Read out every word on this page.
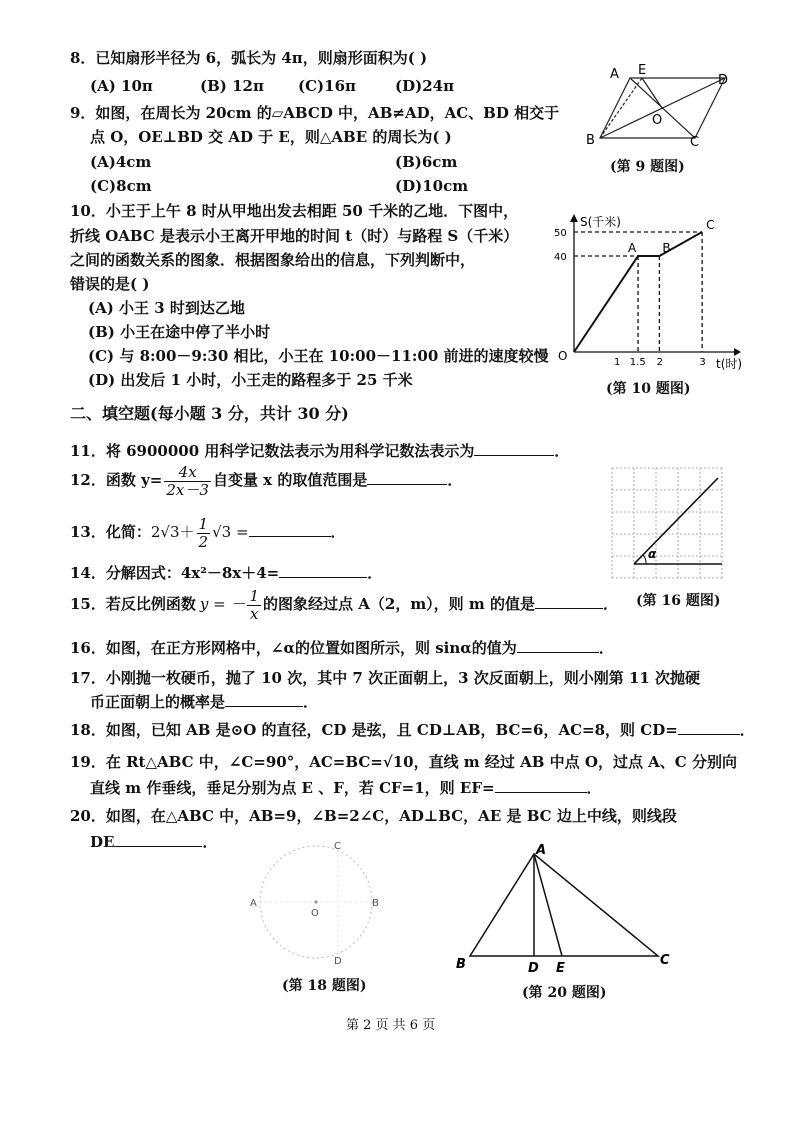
8．已知扇形半径为 6，弧长为 4π，则扇形面积为( )
(A) 10π	(B) 12π (C)16π	(D)24π
9．如图，在周长为 20cm 的▱ABCD 中，AB≠AD，AC、BD 相交于
点 O，OE⊥BD 交 AD 于 E，则△ABE 的周长为( )
(A)4cm	(B)6cm
(C)8cm	(D)10cm
A E
D
O
B	C
(第 9 题图)
10．小王于上午 8 时从甲地出发去相距 50 千米的乙地．下图中，
折线 OABC 是表示小王离开甲地的时间 t（时）与路程 S（千米）
之间的函数关系的图象．根据图象给出的信息，下列判断中，
错误的是( )
(A) 小王 3 时到达乙地
(B) 小王在途中停了半小时
(C) 与 8:00－9:30 相比，小王在 10:00－11:00 前进的速度较慢
(D) 出发后 1 小时，小王走的路程多于 25 千米
40
50
1 1.5 2	3
O
A B
C
S(千米)
t(时)
(第 10 题图)
二、填空题(每小题 3 分，共计 30 分)
11．将 6900000 用科学记数法表示为用科学记数法表示为	．
12．函数 $y= \frac{4x}{2x-3}$ 自变量 x 的取值范围是	．
13．化简：$2√3+ \frac{1}{2} √3$ =	．
14．分解因式：4x²－8x＋4=	．
15．若反比例函数 y = － $\frac{1}{x}$ 的图象经过点 A（2，m），则 m 的值是	．
α
(第 16 题图)
16．如图，在正方形网格中，∠α的位置如图所示，则 sinα的值为	．
17．小刚抛一枚硬币，抛了 10 次，其中 7 次正面朝上，3 次反面朝上，则小刚第 11 次抛硬
币正面朝上的概率是	．
18．如图，已知 AB 是⊙O 的直径，CD 是弦，且 CD⊥AB，BC=6，AC=8，则 CD=	．
19．在 Rt△ABC 中，∠C=90°，AC=BC=√10，直线 m 经过 AB 中点 O，过点 A、C 分别向
直线 m 作垂线，垂足分别为点 E 、F，若 CF=1，则 EF=	．
20．如图，在△ABC 中，AB=9，∠B=2∠C，AD⊥BC，AE 是 BC 边上中线，则线段
DE	．
A	B
C
D
O
(第 18 题图)
A
B	C
D E
(第 20 题图)
第 2 页 共 6 页
